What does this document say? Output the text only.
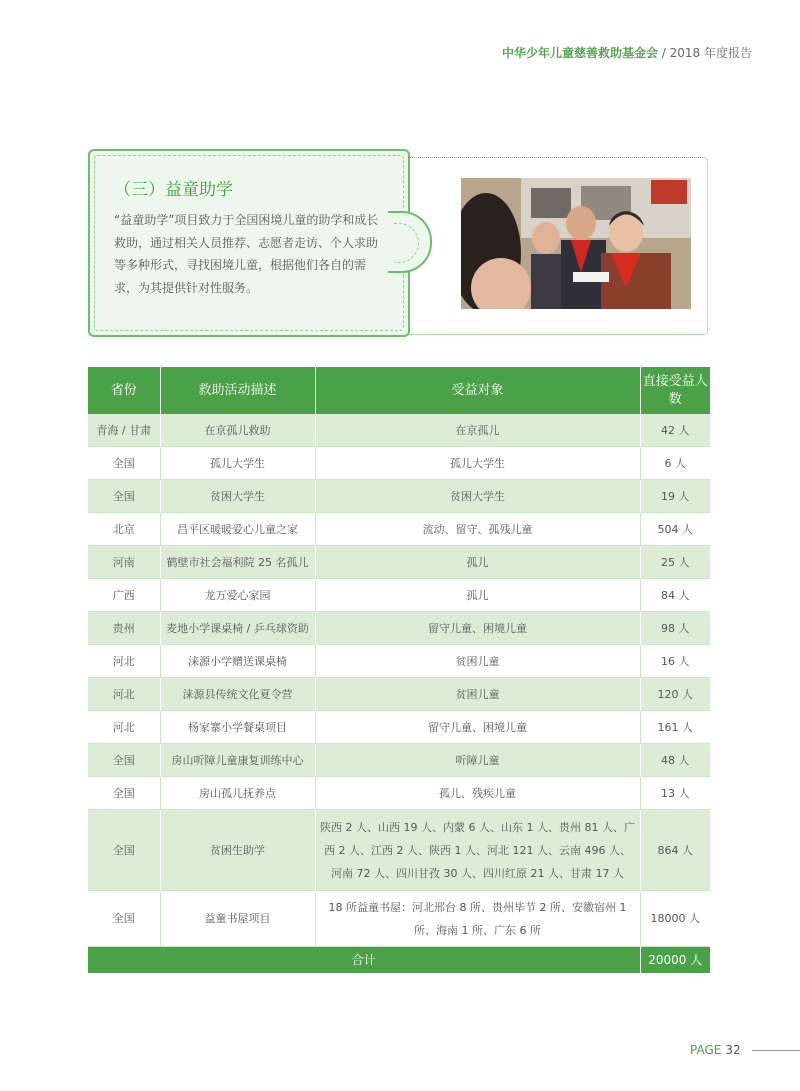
中华少年儿童慈善救助基金会 / 2018 年度报告
（三）益童助学
“益童助学”项目致力于全国困境儿童的助学和成长救助，通过相关人员推荐、志愿者走访、个人求助等多种形式，寻找困境儿童，根据他们各自的需求，为其提供针对性服务。
省份	救助活动描述	受益对象	直接受益人数
青海 / 甘肃	在京孤儿救助	在京孤儿	42 人
全国	孤儿大学生	孤儿大学生	6 人
全国	贫困大学生	贫困大学生	19 人
北京	昌平区暖暖爱心儿童之家	流动、留守、孤残儿童	504 人
河南	鹤壁市社会福利院 25 名孤儿	孤儿	25 人
广西	龙万爱心家园	孤儿	84 人
贵州	麦地小学课桌椅 / 乒乓球资助	留守儿童、困境儿童	98 人
河北	涞源小学赠送课桌椅	贫困儿童	16 人
河北	涞源县传统文化夏令营	贫困儿童	120 人
河北	杨家寨小学餐桌项目	留守儿童、困境儿童	161 人
全国	房山听障儿童康复训练中心	听障儿童	48 人
全国	房山孤儿抚养点	孤儿、残疾儿童	13 人
全国	贫困生助学	陕西 2 人、山西 19 人、内蒙 6 人、山东 1 人、贵州 81 人、广西 2 人、江西 2 人、陕西 1 人、河北 121 人、云南 496 人、河南 72 人、四川甘孜 30 人、四川红原 21 人、甘肃 17 人	864 人
全国	益童书屋项目	18 所益童书屋：河北邢台 8 所、贵州毕节 2 所、安徽宿州 1 所、海南 1 所、广东 6 所	18000 人
合计			20000 人
PAGE 32
